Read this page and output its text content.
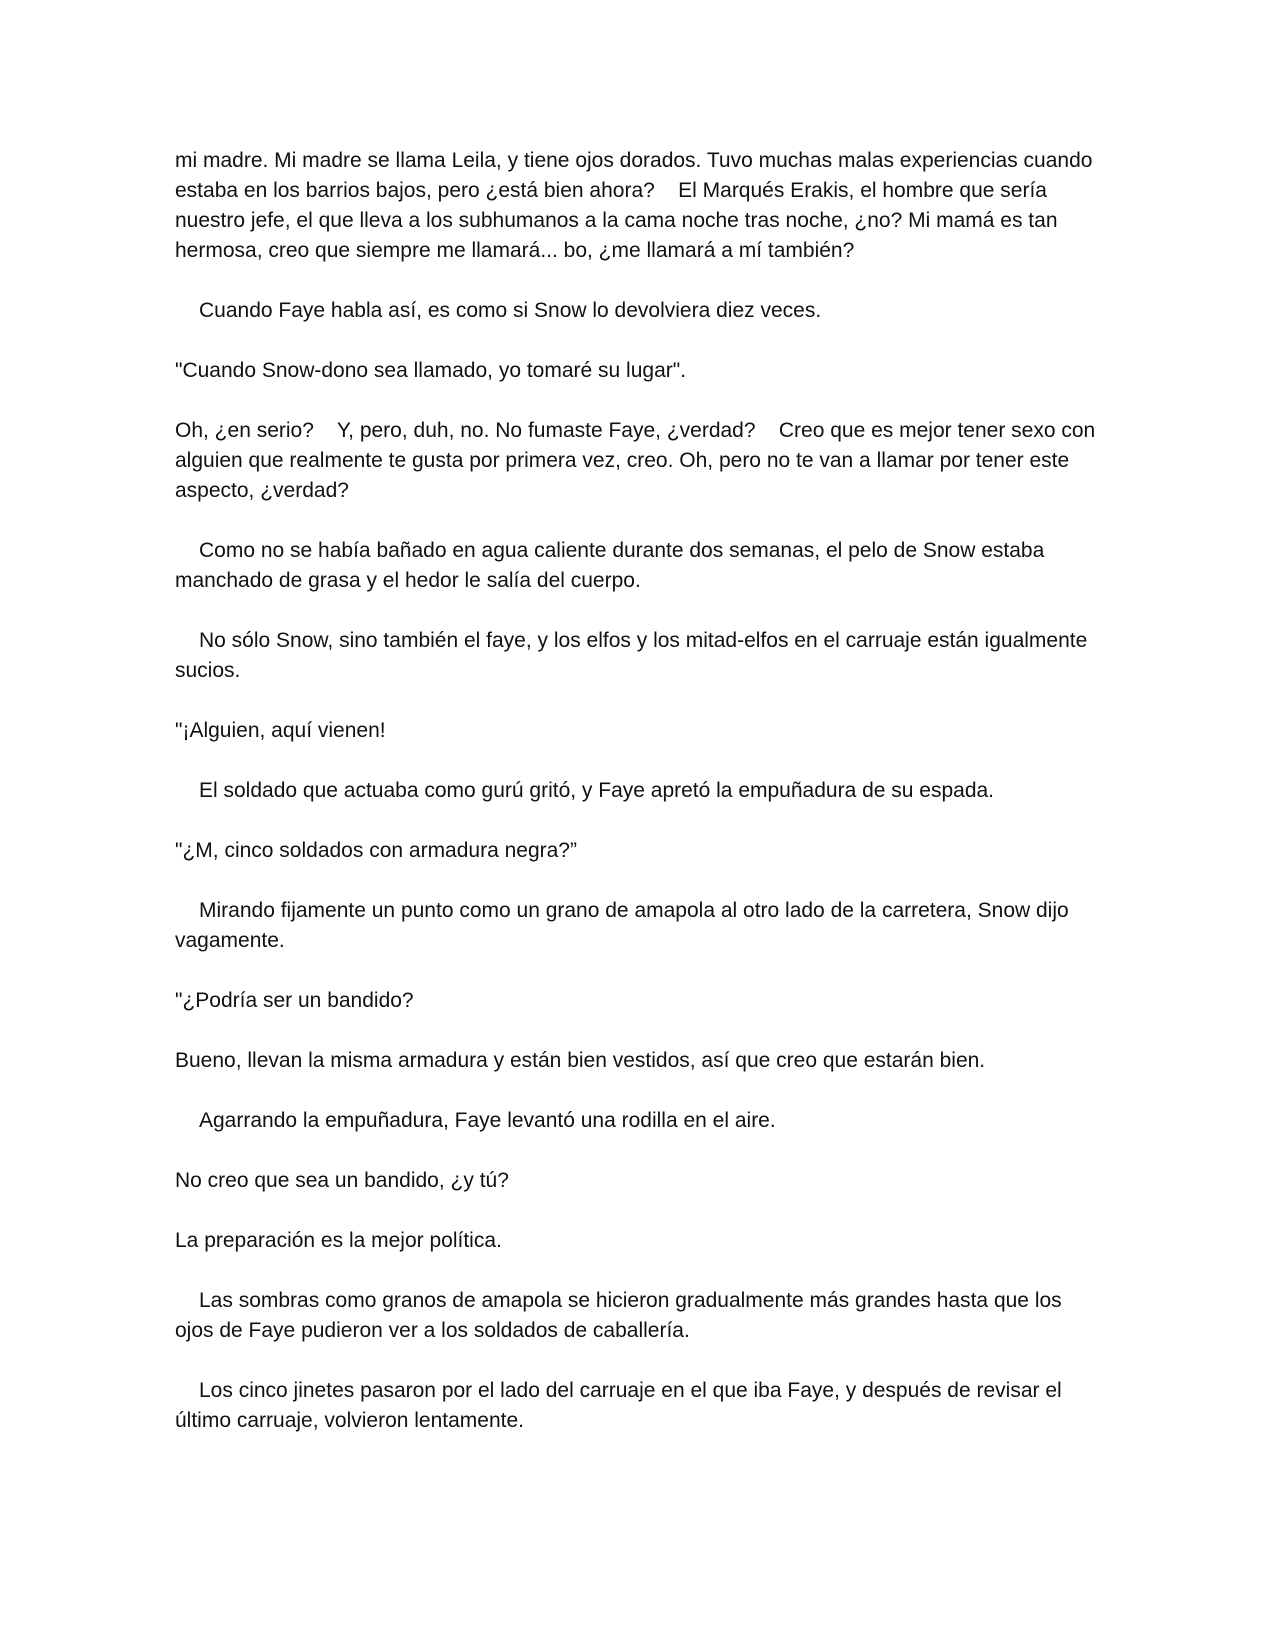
mi madre. Mi madre se llama Leila, y tiene ojos dorados. Tuvo muchas malas experiencias cuando estaba en los barrios bajos, pero ¿está bien ahora?    El Marqués Erakis, el hombre que sería nuestro jefe, el que lleva a los subhumanos a la cama noche tras noche, ¿no? Mi mamá es tan hermosa, creo que siempre me llamará... bo, ¿me llamará a mí también?

Cuando Faye habla así, es como si Snow lo devolviera diez veces.

"Cuando Snow-dono sea llamado, yo tomaré su lugar".

Oh, ¿en serio?    Y, pero, duh, no. No fumaste Faye, ¿verdad?    Creo que es mejor tener sexo con alguien que realmente te gusta por primera vez, creo. Oh, pero no te van a llamar por tener este aspecto, ¿verdad?

Como no se había bañado en agua caliente durante dos semanas, el pelo de Snow estaba manchado de grasa y el hedor le salía del cuerpo.

No sólo Snow, sino también el faye, y los elfos y los mitad-elfos en el carruaje están igualmente sucios.

"¡Alguien, aquí vienen!

El soldado que actuaba como gurú gritó, y Faye apretó la empuñadura de su espada.

"¿M, cinco soldados con armadura negra?”

Mirando fijamente un punto como un grano de amapola al otro lado de la carretera, Snow dijo vagamente.

"¿Podría ser un bandido?

Bueno, llevan la misma armadura y están bien vestidos, así que creo que estarán bien.

Agarrando la empuñadura, Faye levantó una rodilla en el aire.

No creo que sea un bandido, ¿y tú?

La preparación es la mejor política.

Las sombras como granos de amapola se hicieron gradualmente más grandes hasta que los ojos de Faye pudieron ver a los soldados de caballería.

Los cinco jinetes pasaron por el lado del carruaje en el que iba Faye, y después de revisar el último carruaje, volvieron lentamente.
